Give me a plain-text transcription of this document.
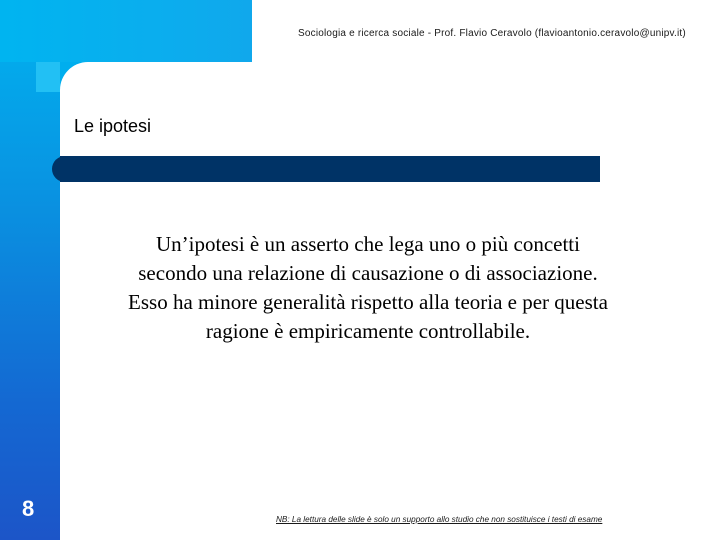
Sociologia e ricerca sociale - Prof. Flavio Ceravolo (flavioantonio.ceravolo@unipv.it)
Le ipotesi
Un’ipotesi è un asserto che lega uno o più concetti
secondo una relazione di causazione o di associazione.
Esso ha minore generalità rispetto alla teoria e per questa
ragione è empiricamente controllabile.
8	NB: La lettura delle slide è solo un supporto allo studio che non sostituisce i testi di esame
